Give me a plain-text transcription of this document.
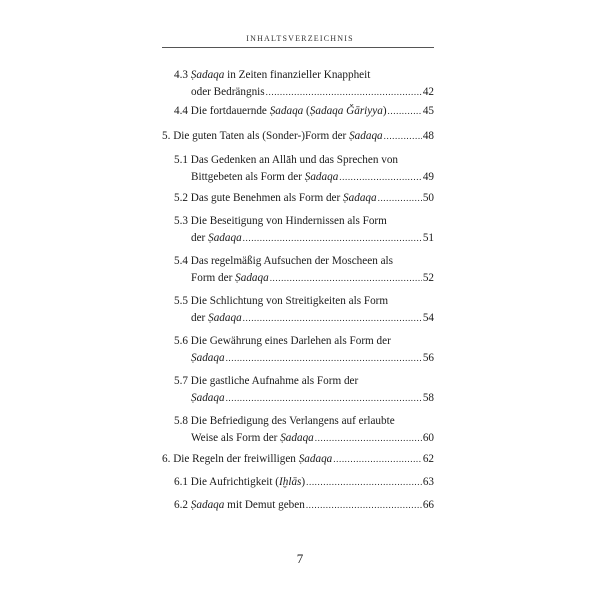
INHALTSVERZEICHNIS
4.3 Ṣadaqa in Zeiten finanzieller Knappheit
oder Bedrängnis .....	42
4.4 Die fortdauernde Ṣadaqa (Ṣadaqa Ǧāriyya) .....	45
5. Die guten Taten als (Sonder-)Form der Ṣadaqa .....	48
5.1 Das Gedenken an Allāh und das Sprechen von
Bittgebeten als Form der Ṣadaqa .....	49
5.2 Das gute Benehmen als Form der Ṣadaqa .....	50
5.3 Die Beseitigung von Hindernissen als Form
der Ṣadaqa .....	51
5.4 Das regelmäßig Aufsuchen der Moscheen als
Form der Ṣadaqa .....	52
5.5 Die Schlichtung von Streitigkeiten als Form
der Ṣadaqa .....	54
5.6 Die Gewährung eines Darlehen als Form der
Ṣadaqa .....	56
5.7 Die gastliche Aufnahme als Form der
Ṣadaqa .....	58
5.8 Die Befriedigung des Verlangens auf erlaubte
Weise als Form der Ṣadaqa .....	60
6. Die Regeln der freiwilligen Ṣadaqa .....	62
6.1 Die Aufrichtigkeit (Iḫlās) .....	63
6.2 Ṣadaqa mit Demut geben .....	66
7
